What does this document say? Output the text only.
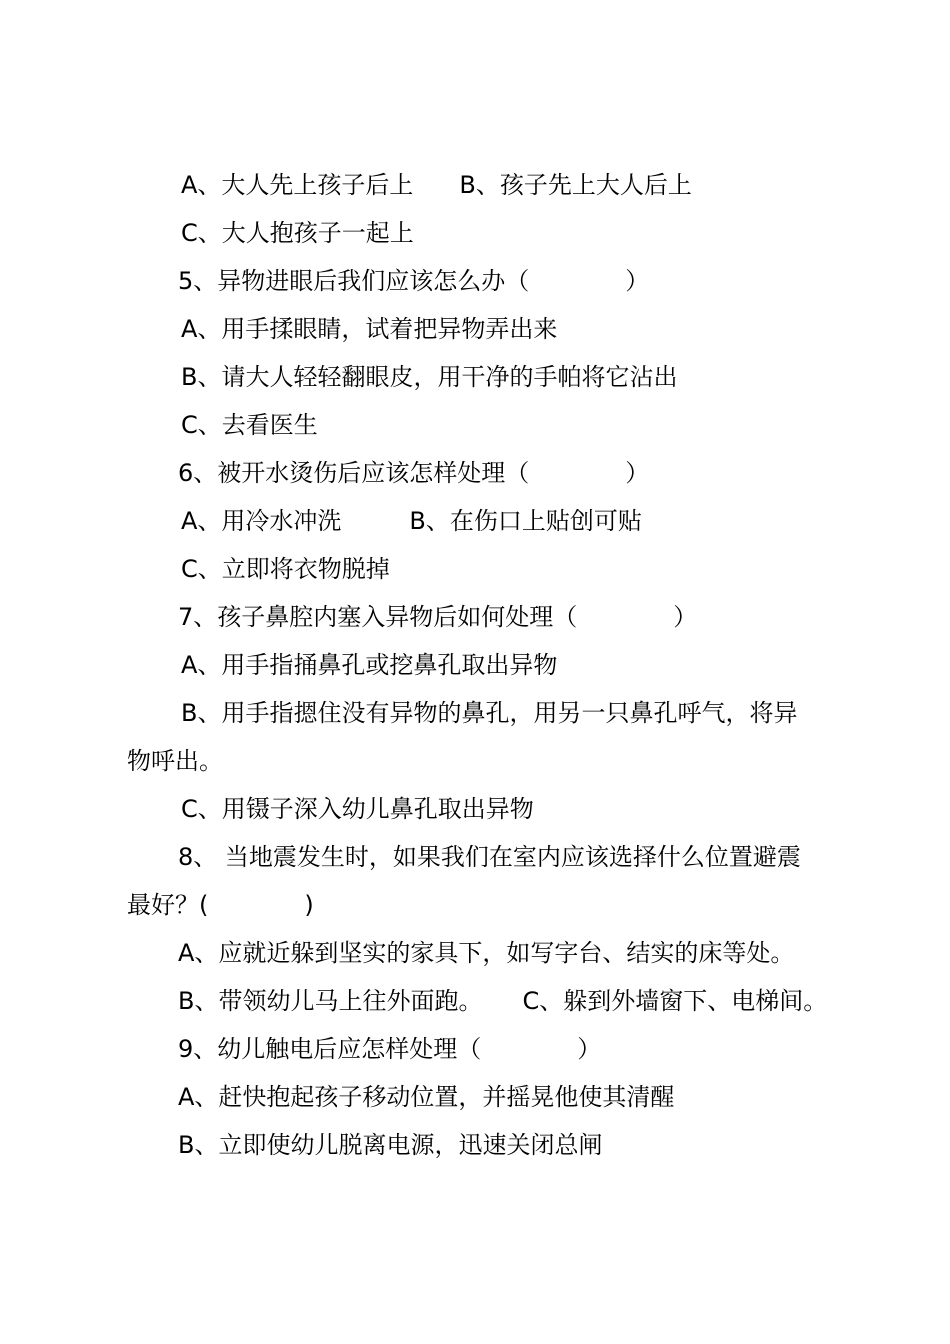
A、大人先上孩子后上 B、孩子先上大人后上
C、大人抱孩子一起上
5、异物进眼后我们应该怎么办（　　　　）
A、用手揉眼睛，试着把异物弄出来
B、请大人轻轻翻眼皮，用干净的手帕将它沾出
C、去看医生
6、被开水烫伤后应该怎样处理（　　　　）
A、用冷水冲洗	B、在伤口上贴创可贴
C、立即将衣物脱掉
7、孩子鼻腔内塞入异物后如何处理（　　　　）
A、用手指捅鼻孔或挖鼻孔取出异物
B、用手指摁住没有异物的鼻孔，用另一只鼻孔呼气，将异
物呼出。
C、用镊子深入幼儿鼻孔取出异物
8、 当地震发生时，如果我们在室内应该选择什么位置避震
最好？(　　　　)
A、应就近躲到坚实的家具下，如写字台、结实的床等处。
B、带领幼儿马上往外面跑。 C、躲到外墙窗下、电梯间。
9、幼儿触电后应怎样处理（　　　　）
A、赶快抱起孩子移动位置，并摇晃他使其清醒
B、立即使幼儿脱离电源，迅速关闭总闸
